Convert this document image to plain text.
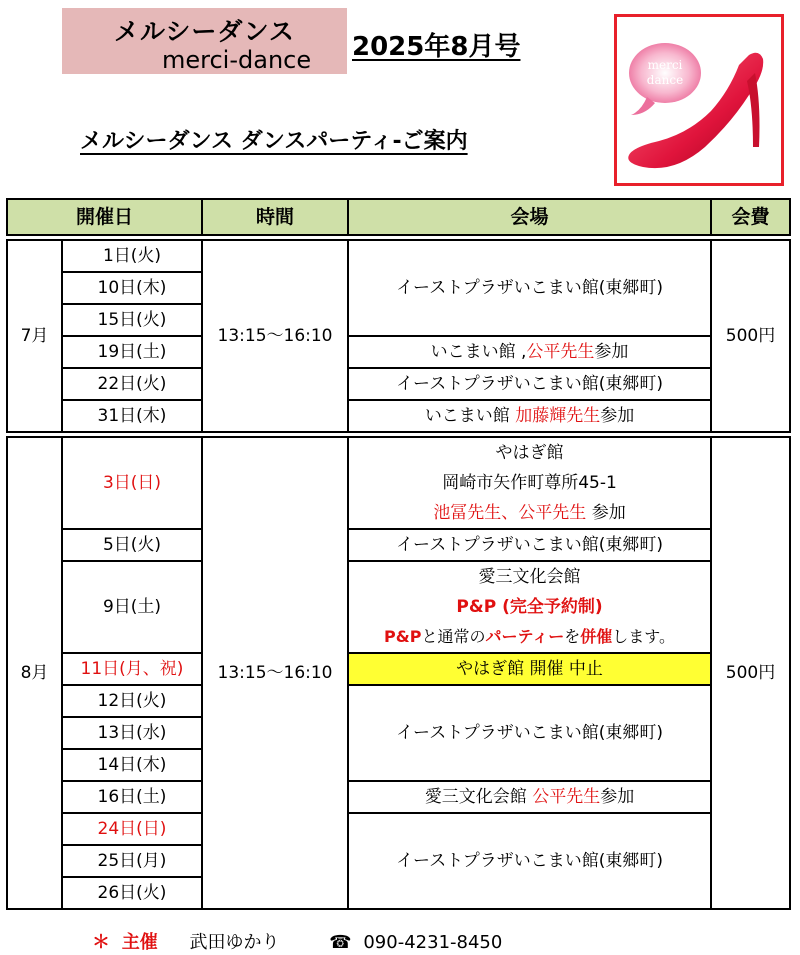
メルシーダンス
merci-dance 2025年8月号
メルシーダンス ダンスパーティ-ご案内
merci
dance
開催日		時間	会場	会費

7月	1日(火)	13:15〜16:10	イーストプラザいこまい館(東郷町)	500円
	10日(木)			
	15日(火)			
	19日(土)		いこまい館 ,公平先生参加	
	22日(火)		イーストプラザいこまい館(東郷町)	
	31日(木)		いこまい館 加藤輝先生参加	

8月	3日(日)	13:15〜16:10	やはぎ館	500円
			岡崎市矢作町尊所45-1	
			池冨先生、公平先生 参加	
	5日(火)		イーストプラザいこまい館(東郷町)	
	9日(土)		愛三文化会館	
			P&P (完全予約制)	
			P&Pと通常のパーティーを併催します。	
	11日(月、祝)		やはぎ館 開催 中止	
	12日(火)		イーストプラザいこまい館(東郷町)	
	13日(水)			
	14日(木)			
	16日(土)		愛三文化会館 公平先生参加	
	24日(日)		イーストプラザいこまい館(東郷町)	
	25日(月)			
	26日(火)			
＊ 主催 武田ゆかり	☎ 090-4231-8450
